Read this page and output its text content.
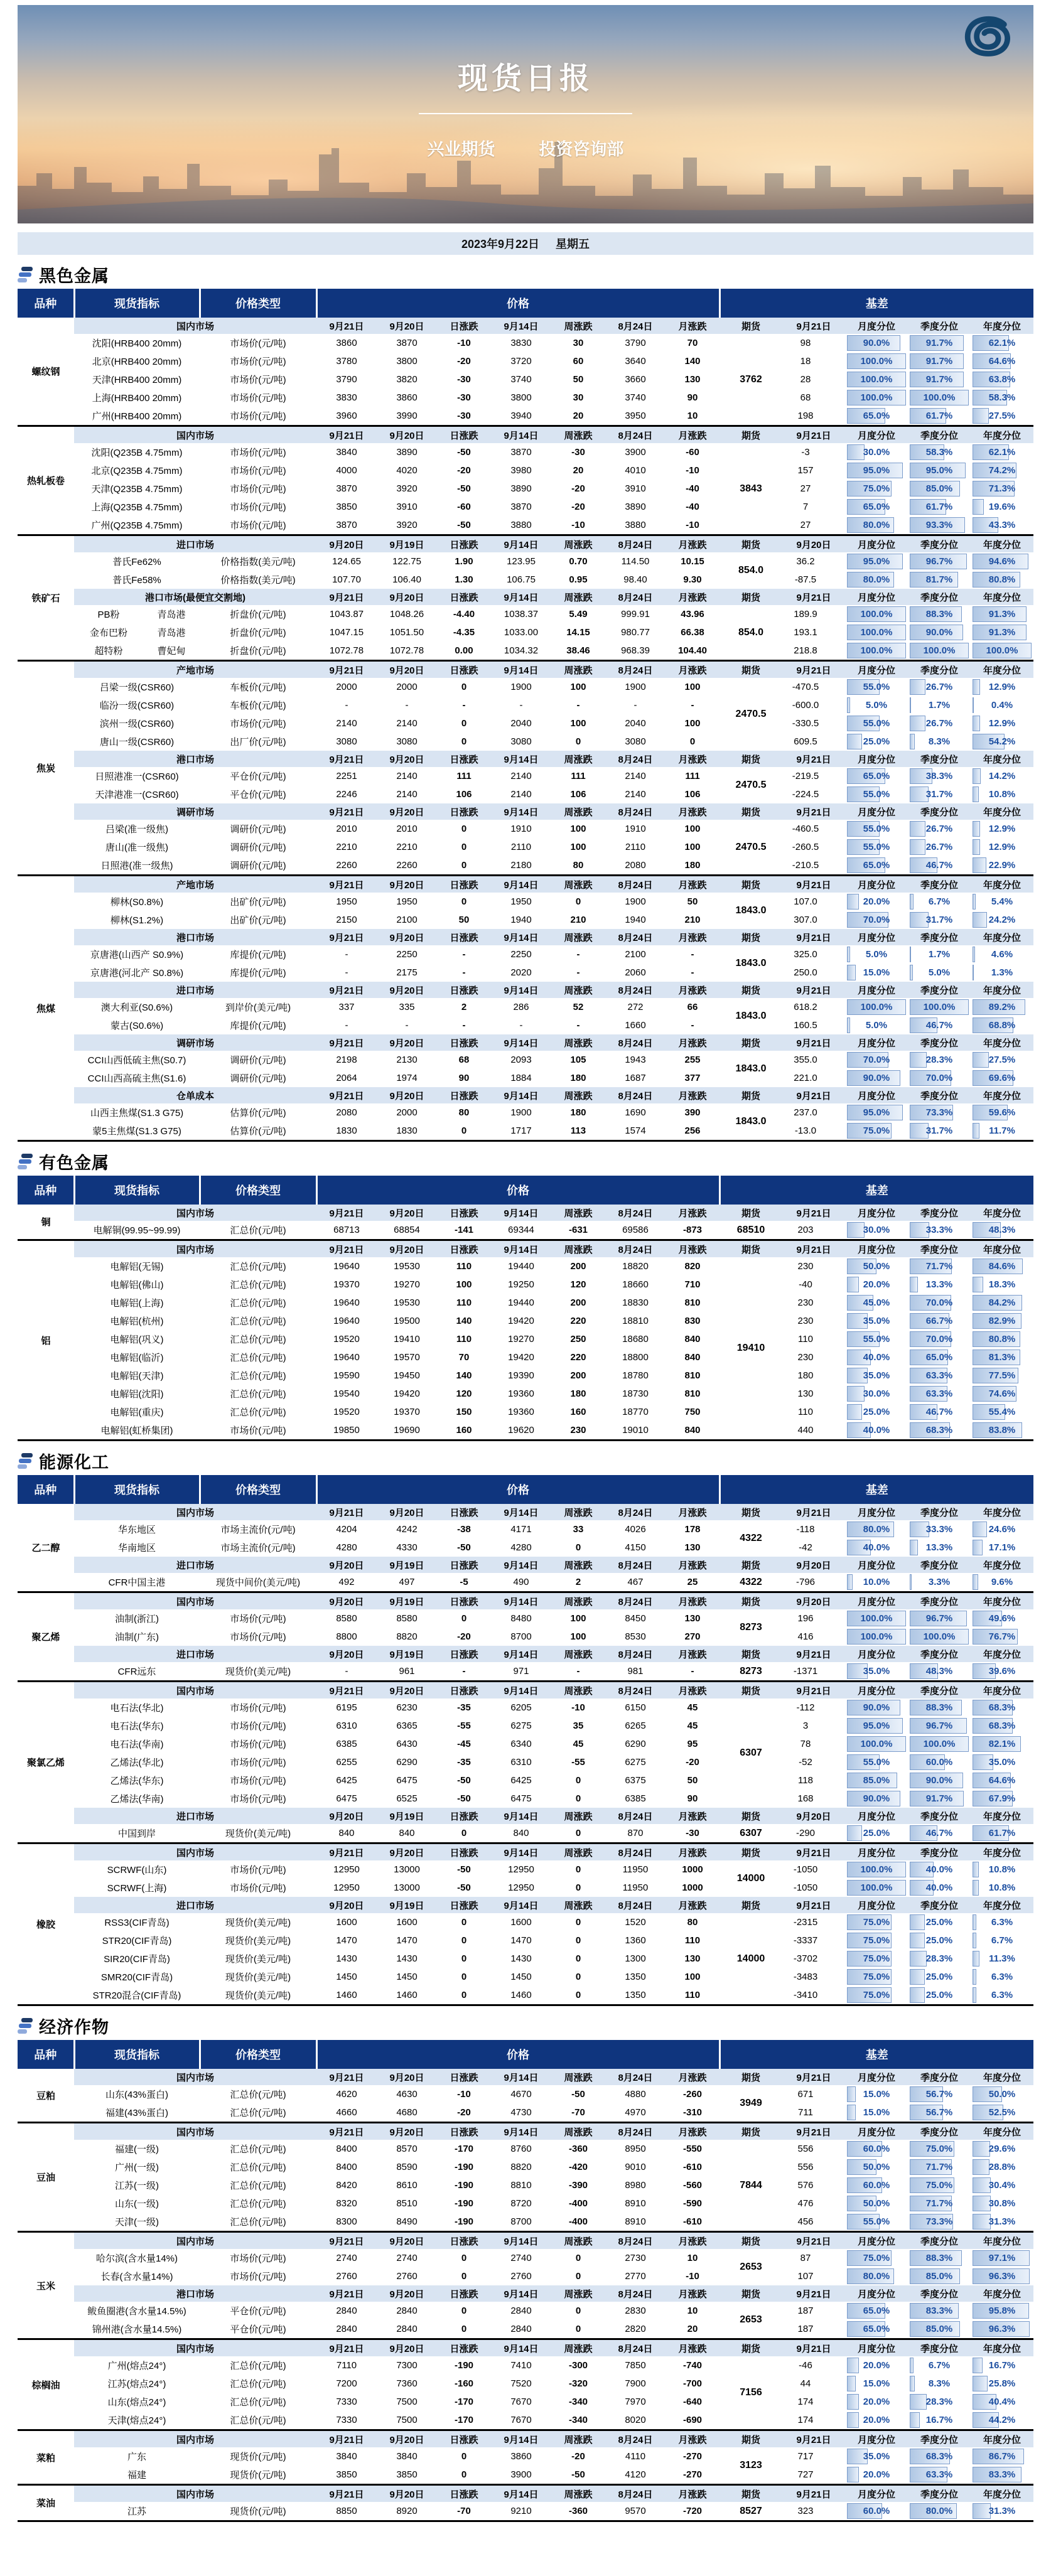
现货日报
兴业期货	投资咨询部
2023年9月22日 星期五
黑色金属
品种	现货指标	价格类型	价格	基差
螺纹钢	国内市场		9月21日	9月20日	日涨跌	9月14日	周涨跌	8月24日	月涨跌	期货	9月21日	月度分位	季度分位	年度分位
	沈阳(HRB400 20mm)	市场价(元/吨)	3860	3870	-10	3830	30	3790	70	3762	98	90.0%	91.7%	62.1%

	北京(HRB400 20mm)	市场价(元/吨)	3780	3800	-20	3720	60	3640	140		18	100.0%	91.7%	64.6%

	天津(HRB400 20mm)	市场价(元/吨)	3790	3820	-30	3740	50	3660	130		28	100.0%	91.7%	63.8%

	上海(HRB400 20mm)	市场价(元/吨)	3830	3860	-30	3800	30	3740	90		68	100.0%	100.0%	58.3%

	广州(HRB400 20mm)	市场价(元/吨)	3960	3990	-30	3940	20	3950	10		198	65.0%	61.7%	27.5%
热轧板卷	国内市场		9月21日	9月20日	日涨跌	9月14日	周涨跌	8月24日	月涨跌	期货	9月21日	月度分位	季度分位	年度分位
	沈阳(Q235B 4.75mm)	市场价(元/吨)	3840	3890	-50	3870	-30	3900	-60	3843	-3	30.0%	58.3%	62.1%

	北京(Q235B 4.75mm)	市场价(元/吨)	4000	4020	-20	3980	20	4010	-10		157	95.0%	95.0%	74.2%

	天津(Q235B 4.75mm)	市场价(元/吨)	3870	3920	-50	3890	-20	3910	-40		27	75.0%	85.0%	71.3%

	上海(Q235B 4.75mm)	市场价(元/吨)	3850	3910	-60	3870	-20	3890	-40		7	65.0%	61.7%	19.6%

	广州(Q235B 4.75mm)	市场价(元/吨)	3870	3920	-50	3880	-10	3880	-10		27	80.0%	93.3%	43.3%
铁矿石	进口市场			9月20日	9月19日	日涨跌	9月14日	周涨跌	8月24日	月涨跌	期货	9月20日	月度分位	季度分位	年度分位
	普氏Fe62%		价格指数(美元/吨)	124.65	122.75	1.90	123.95	0.70	114.50	10.15	854.0	36.2	95.0%	96.7%	94.6%

	普氏Fe58%		价格指数(美元/吨)	107.70	106.40	1.30	106.75	0.95	98.40	9.30		-87.5	80.0%	81.7%	80.8%

	港口市场(最便宜交割地)			9月21日	9月20日	日涨跌	9月14日	周涨跌	8月24日	月涨跌	期货	9月21日	月度分位	季度分位	年度分位
	PB粉	青岛港	折盘价(元/吨)	1043.87	1048.26	-4.40	1038.37	5.49	999.91	43.96	854.0	189.9	100.0%	88.3%	91.3%

	金布巴粉	青岛港	折盘价(元/吨)	1047.15	1051.50	-4.35	1033.00	14.15	980.77	66.38		193.1	100.0%	90.0%	91.3%

	超特粉	曹妃甸	折盘价(元/吨)	1072.78	1072.78	0.00	1034.32	38.46	968.39	104.40		218.8	100.0%	100.0%	100.0%
焦炭	产地市场		9月21日	9月20日	日涨跌	9月14日	周涨跌	8月24日	月涨跌	期货	9月21日	月度分位	季度分位	年度分位
	吕梁一级(CSR60)	车板价(元/吨)	2000	2000	0	1900	100	1900	100	2470.5	-470.5	55.0%	26.7%	12.9%

	临汾一级(CSR60)	车板价(元/吨)	-	-	-	-	-	-	-		-600.0	5.0%	1.7%	0.4%

	滨州一级(CSR60)	市场价(元/吨)	2140	2140	0	2040	100	2040	100		-330.5	55.0%	26.7%	12.9%

	唐山一级(CSR60)	出厂价(元/吨)	3080	3080	0	3080	0	3080	0		609.5	25.0%	8.3%	54.2%

	港口市场		9月21日	9月20日	日涨跌	9月14日	周涨跌	8月24日	月涨跌	期货	9月21日	月度分位	季度分位	年度分位
	日照港准一(CSR60)	平仓价(元/吨)	2251	2140	111	2140	111	2140	111	2470.5	-219.5	65.0%	38.3%	14.2%

	天津港准一(CSR60)	平仓价(元/吨)	2246	2140	106	2140	106	2140	106		-224.5	55.0%	31.7%	10.8%

	调研市场		9月21日	9月20日	日涨跌	9月14日	周涨跌	8月24日	月涨跌	期货	9月21日	月度分位	季度分位	年度分位
	吕梁(准一级焦)	调研价(元/吨)	2010	2010	0	1910	100	1910	100	2470.5	-460.5	55.0%	26.7%	12.9%

	唐山(准一级焦)	调研价(元/吨)	2210	2210	0	2110	100	2110	100		-260.5	55.0%	26.7%	12.9%

	日照港(准一级焦)	调研价(元/吨)	2260	2260	0	2180	80	2080	180		-210.5	65.0%	46.7%	22.9%
焦煤	产地市场		9月21日	9月20日	日涨跌	9月14日	周涨跌	8月24日	月涨跌	期货	9月21日	月度分位	季度分位	年度分位
	柳林(S0.8%)	出矿价(元/吨)	1950	1950	0	1950	0	1900	50	1843.0	107.0	20.0%	6.7%	5.4%

	柳林(S1.2%)	出矿价(元/吨)	2150	2100	50	1940	210	1940	210		307.0	70.0%	31.7%	24.2%

	港口市场		9月21日	9月20日	日涨跌	9月14日	周涨跌	8月24日	月涨跌	期货	9月21日	月度分位	季度分位	年度分位
	京唐港(山西产 S0.9%)	库提价(元/吨)	-	2250	-	2250	-	2100	-	1843.0	325.0	5.0%	1.7%	4.6%

	京唐港(河北产 S0.8%)	库提价(元/吨)	-	2175	-	2020	-	2060	-		250.0	15.0%	5.0%	1.3%

	进口市场		9月21日	9月20日	日涨跌	9月14日	周涨跌	8月24日	月涨跌	期货	9月21日	月度分位	季度分位	年度分位
	澳大利亚(S0.6%)	到岸价(美元/吨)	337	335	2	286	52	272	66	1843.0	618.2	100.0%	100.0%	89.2%

	蒙古(S0.6%)	库提价(元/吨)	-	-	-	-	-	1660	-		160.5	5.0%	46.7%	68.8%

	调研市场		9月21日	9月20日	日涨跌	9月14日	周涨跌	8月24日	月涨跌	期货	9月21日	月度分位	季度分位	年度分位
	CCI山西低硫主焦(S0.7)	调研价(元/吨)	2198	2130	68	2093	105	1943	255	1843.0	355.0	70.0%	28.3%	27.5%

	CCI山西高硫主焦(S1.6)	调研价(元/吨)	2064	1974	90	1884	180	1687	377		221.0	90.0%	70.0%	69.6%

	仓单成本		9月21日	9月20日	日涨跌	9月14日	周涨跌	8月24日	月涨跌	期货	9月21日	月度分位	季度分位	年度分位
	山西主焦煤(S1.3 G75)	估算价(元/吨)	2080	2000	80	1900	180	1690	390	1843.0	237.0	95.0%	73.3%	59.6%

	蒙5主焦煤(S1.3 G75)	估算价(元/吨)	1830	1830	0	1717	113	1574	256		-13.0	75.0%	31.7%	11.7%
有色金属
品种	现货指标	价格类型	价格	基差
铜	国内市场		9月21日	9月20日	日涨跌	9月14日	周涨跌	8月24日	月涨跌	期货	9月21日	月度分位	季度分位	年度分位
	电解铜(99.95~99.99)	汇总价(元/吨)	68713	68854	-141	69344	-631	69586	-873	68510	203	30.0%	33.3%	48.3%
铝	国内市场		9月21日	9月20日	日涨跌	9月14日	周涨跌	8月24日	月涨跌	期货	9月21日	月度分位	季度分位	年度分位
	电解铝(无锡)	汇总价(元/吨)	19640	19530	110	19440	200	18820	820	19410	230	50.0%	71.7%	84.6%

	电解铝(佛山)	汇总价(元/吨)	19370	19270	100	19250	120	18660	710		-40	20.0%	13.3%	18.3%

	电解铝(上海)	汇总价(元/吨)	19640	19530	110	19440	200	18830	810		230	45.0%	70.0%	84.2%

	电解铝(杭州)	汇总价(元/吨)	19640	19500	140	19420	220	18810	830		230	35.0%	66.7%	82.9%

	电解铝(巩义)	汇总价(元/吨)	19520	19410	110	19270	250	18680	840		110	55.0%	70.0%	80.8%

	电解铝(临沂)	汇总价(元/吨)	19640	19570	70	19420	220	18800	840		230	40.0%	65.0%	81.3%

	电解铝(天津)	汇总价(元/吨)	19590	19450	140	19390	200	18780	810		180	35.0%	63.3%	77.5%

	电解铝(沈阳)	汇总价(元/吨)	19540	19420	120	19360	180	18730	810		130	30.0%	63.3%	74.6%

	电解铝(重庆)	汇总价(元/吨)	19520	19370	150	19360	160	18770	750		110	25.0%	46.7%	55.4%

	电解铝(虹桥集团)	市场价(元/吨)	19850	19690	160	19620	230	19010	840		440	40.0%	68.3%	83.8%
能源化工
品种	现货指标	价格类型	价格	基差
乙二醇	国内市场		9月21日	9月20日	日涨跌	9月14日	周涨跌	8月24日	月涨跌	期货	9月21日	月度分位	季度分位	年度分位
	华东地区	市场主流价(元/吨)	4204	4242	-38	4171	33	4026	178	4322	-118	80.0%	33.3%	24.6%

	华南地区	市场主流价(元/吨)	4280	4330	-50	4280	0	4150	130		-42	40.0%	13.3%	17.1%

	进口市场		9月20日	9月19日	日涨跌	9月14日	周涨跌	8月24日	月涨跌	期货	9月20日	月度分位	季度分位	年度分位
	CFR中国主港	现货中间价(美元/吨)	492	497	-5	490	2	467	25	4322	-796	10.0%	3.3%	9.6%
聚乙烯	国内市场		9月20日	9月19日	日涨跌	9月14日	周涨跌	8月24日	月涨跌	期货	9月20日	月度分位	季度分位	年度分位
	油制(浙江)	市场价(元/吨)	8580	8580	0	8480	100	8450	130	8273	196	100.0%	96.7%	49.6%

	油制(广东)	市场价(元/吨)	8800	8820	-20	8700	100	8530	270		416	100.0%	100.0%	76.7%

	进口市场		9月20日	9月19日	日涨跌	9月14日	周涨跌	8月24日	月涨跌	期货	9月21日	月度分位	季度分位	年度分位
	CFR远东	现货价(美元/吨)	-	961	-	971	-	981	-	8273	-1371	35.0%	48.3%	39.6%
聚氯乙烯	国内市场		9月21日	9月20日	日涨跌	9月14日	周涨跌	8月24日	月涨跌	期货	9月21日	月度分位	季度分位	年度分位
	电石法(华北)	市场价(元/吨)	6195	6230	-35	6205	-10	6150	45	6307	-112	90.0%	88.3%	68.3%

	电石法(华东)	市场价(元/吨)	6310	6365	-55	6275	35	6265	45		3	95.0%	96.7%	68.3%

	电石法(华南)	市场价(元/吨)	6385	6430	-45	6340	45	6290	95		78	100.0%	100.0%	82.1%

	乙烯法(华北)	市场价(元/吨)	6255	6290	-35	6310	-55	6275	-20		-52	55.0%	60.0%	35.0%

	乙烯法(华东)	市场价(元/吨)	6425	6475	-50	6425	0	6375	50		118	85.0%	90.0%	64.6%

	乙烯法(华南)	市场价(元/吨)	6475	6525	-50	6475	0	6385	90		168	90.0%	91.7%	67.9%

	进口市场		9月20日	9月19日	日涨跌	9月14日	周涨跌	8月24日	月涨跌	期货	9月20日	月度分位	季度分位	年度分位
	中国到岸	现货价(美元/吨)	840	840	0	840	0	870	-30	6307	-290	25.0%	46.7%	61.7%
橡胶	国内市场		9月21日	9月20日	日涨跌	9月14日	周涨跌	8月24日	月涨跌	期货	9月21日	月度分位	季度分位	年度分位
	SCRWF(山东)	市场价(元/吨)	12950	13000	-50	12950	0	11950	1000	14000	-1050	100.0%	40.0%	10.8%

	SCRWF(上海)	市场价(元/吨)	12950	13000	-50	12950	0	11950	1000		-1050	100.0%	40.0%	10.8%

	进口市场		9月20日	9月19日	日涨跌	9月14日	周涨跌	8月24日	月涨跌	期货	9月21日	月度分位	季度分位	年度分位
	RSS3(CIF青岛)	现货价(美元/吨)	1600	1600	0	1600	0	1520	80	14000	-2315	75.0%	25.0%	6.3%

	STR20(CIF青岛)	现货价(美元/吨)	1470	1470	0	1470	0	1360	110		-3337	75.0%	25.0%	6.7%

	SIR20(CIF青岛)	现货价(美元/吨)	1430	1430	0	1430	0	1300	130		-3702	75.0%	28.3%	11.3%

	SMR20(CIF青岛)	现货价(美元/吨)	1450	1450	0	1450	0	1350	100		-3483	75.0%	25.0%	6.3%

	STR20混合(CIF青岛)	现货价(美元/吨)	1460	1460	0	1460	0	1350	110		-3410	75.0%	25.0%	6.3%
经济作物
品种	现货指标	价格类型	价格	基差
豆粕	国内市场		9月21日	9月20日	日涨跌	9月14日	周涨跌	8月24日	月涨跌	期货	9月21日	月度分位	季度分位	年度分位
	山东(43%蛋白)	汇总价(元/吨)	4620	4630	-10	4670	-50	4880	-260	3949	671	15.0%	56.7%	50.0%

	福建(43%蛋白)	汇总价(元/吨)	4660	4680	-20	4730	-70	4970	-310		711	15.0%	56.7%	52.5%
豆油	国内市场		9月21日	9月20日	日涨跌	9月14日	周涨跌	8月24日	月涨跌	期货	9月21日	月度分位	季度分位	年度分位
	福建(一级)	汇总价(元/吨)	8400	8570	-170	8760	-360	8950	-550	7844	556	60.0%	75.0%	29.6%

	广州(一级)	汇总价(元/吨)	8400	8590	-190	8820	-420	9010	-610		556	50.0%	71.7%	28.8%

	江苏(一级)	汇总价(元/吨)	8420	8610	-190	8810	-390	8980	-560		576	60.0%	75.0%	30.4%

	山东(一级)	汇总价(元/吨)	8320	8510	-190	8720	-400	8910	-590		476	50.0%	71.7%	30.8%

	天津(一级)	汇总价(元/吨)	8300	8490	-190	8700	-400	8910	-610		456	55.0%	73.3%	31.3%
玉米	国内市场		9月21日	9月20日	日涨跌	9月14日	周涨跌	8月24日	月涨跌	期货	9月21日	月度分位	季度分位	年度分位
	哈尔滨(含水量14%)	市场价(元/吨)	2740	2740	0	2740	0	2730	10	2653	87	75.0%	88.3%	97.1%

	长春(含水量14%)	市场价(元/吨)	2760	2760	0	2760	0	2770	-10		107	80.0%	85.0%	96.3%

	港口市场		9月21日	9月20日	日涨跌	9月14日	周涨跌	8月24日	月涨跌	期货	9月21日	月度分位	季度分位	年度分位
	鲅鱼圈港(含水量14.5%)	平仓价(元/吨)	2840	2840	0	2840	0	2830	10	2653	187	65.0%	83.3%	95.8%

	锦州港(含水量14.5%)	平仓价(元/吨)	2840	2840	0	2840	0	2820	20		187	65.0%	85.0%	96.3%
棕榈油	国内市场		9月21日	9月20日	日涨跌	9月14日	周涨跌	8月24日	月涨跌	期货	9月21日	月度分位	季度分位	年度分位
	广州(熔点24°)	汇总价(元/吨)	7110	7300	-190	7410	-300	7850	-740	7156	-46	20.0%	6.7%	16.7%

	江苏(熔点24°)	汇总价(元/吨)	7200	7360	-160	7520	-320	7900	-700		44	15.0%	8.3%	25.8%

	山东(熔点24°)	汇总价(元/吨)	7330	7500	-170	7670	-340	7970	-640		174	20.0%	28.3%	40.4%

	天津(熔点24°)	汇总价(元/吨)	7330	7500	-170	7670	-340	8020	-690		174	20.0%	16.7%	44.2%
菜粕	国内市场		9月21日	9月20日	日涨跌	9月14日	周涨跌	8月24日	月涨跌	期货	9月21日	月度分位	季度分位	年度分位
	广东	现货价(元/吨)	3840	3840	0	3860	-20	4110	-270	3123	717	35.0%	68.3%	86.7%

	福建	现货价(元/吨)	3850	3850	0	3900	-50	4120	-270		727	20.0%	63.3%	83.3%
菜油	国内市场		9月21日	9月20日	日涨跌	9月14日	周涨跌	8月24日	月涨跌	期货	9月21日	月度分位	季度分位	年度分位
	江苏	现货价(元/吨)	8850	8920	-70	9210	-360	9570	-720	8527	323	60.0%	80.0%	31.3%
